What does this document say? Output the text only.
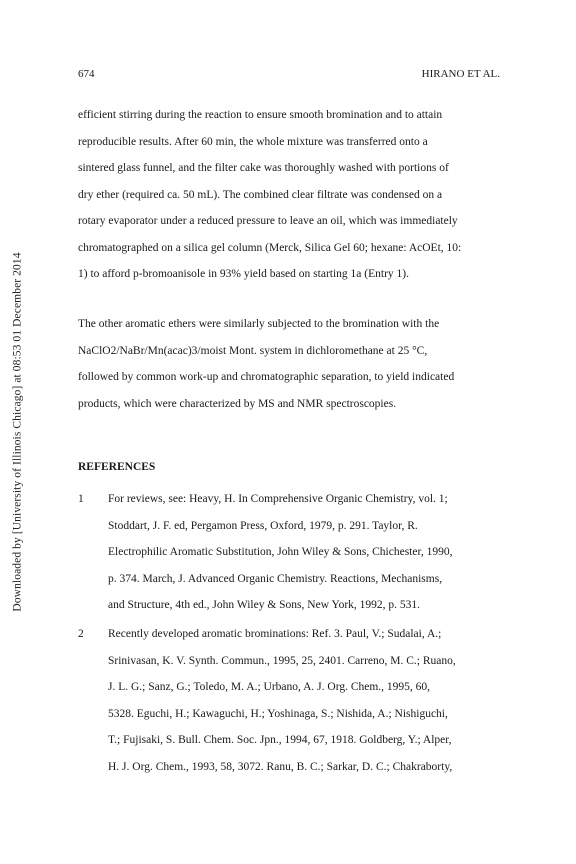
Downloaded by [University of Illinois Chicago] at 08:53 01 December 2014
674	HIRANO ET AL.

efficient stirring during the reaction to ensure smooth bromination and to attain
reproducible results. After 60 min, the whole mixture was transferred onto a
sintered glass funnel, and the filter cake was thoroughly washed with portions of
dry ether (required ca. 50 mL). The combined clear filtrate was condensed on a
rotary evaporator under a reduced pressure to leave an oil, which was immediately
chromatographed on a silica gel column (Merck, Silica Gel 60; hexane: AcOEt, 10:
1) to afford p-bromoanisole in 93% yield based on starting 1a (Entry 1).

The other aromatic ethers were similarly subjected to the bromination with the
NaClO2/NaBr/Mn(acac)3/moist Mont. system in dichloromethane at 25 °C,
followed by common work-up and chromatographic separation, to yield indicated
products, which were characterized by MS and NMR spectroscopies.

REFERENCES
1 For reviews, see: Heavy, H. In Comprehensive Organic Chemistry, vol. 1;
Stoddart, J. F. ed, Pergamon Press, Oxford, 1979, p. 291. Taylor, R.
Electrophilic Aromatic Substitution, John Wiley & Sons, Chichester, 1990,
p. 374. March, J. Advanced Organic Chemistry. Reactions, Mechanisms,
and Structure, 4th ed., John Wiley & Sons, New York, 1992, p. 531.
2 Recently developed aromatic brominations: Ref. 3. Paul, V.; Sudalai, A.;
Srinivasan, K. V. Synth. Commun., 1995, 25, 2401. Carreno, M. C.; Ruano,
J. L. G.; Sanz, G.; Toledo, M. A.; Urbano, A. J. Org. Chem., 1995, 60,
5328. Eguchi, H.; Kawaguchi, H.; Yoshinaga, S.; Nishida, A.; Nishiguchi,
T.; Fujisaki, S. Bull. Chem. Soc. Jpn., 1994, 67, 1918. Goldberg, Y.; Alper,
H. J. Org. Chem., 1993, 58, 3072. Ranu, B. C.; Sarkar, D. C.; Chakraborty,
